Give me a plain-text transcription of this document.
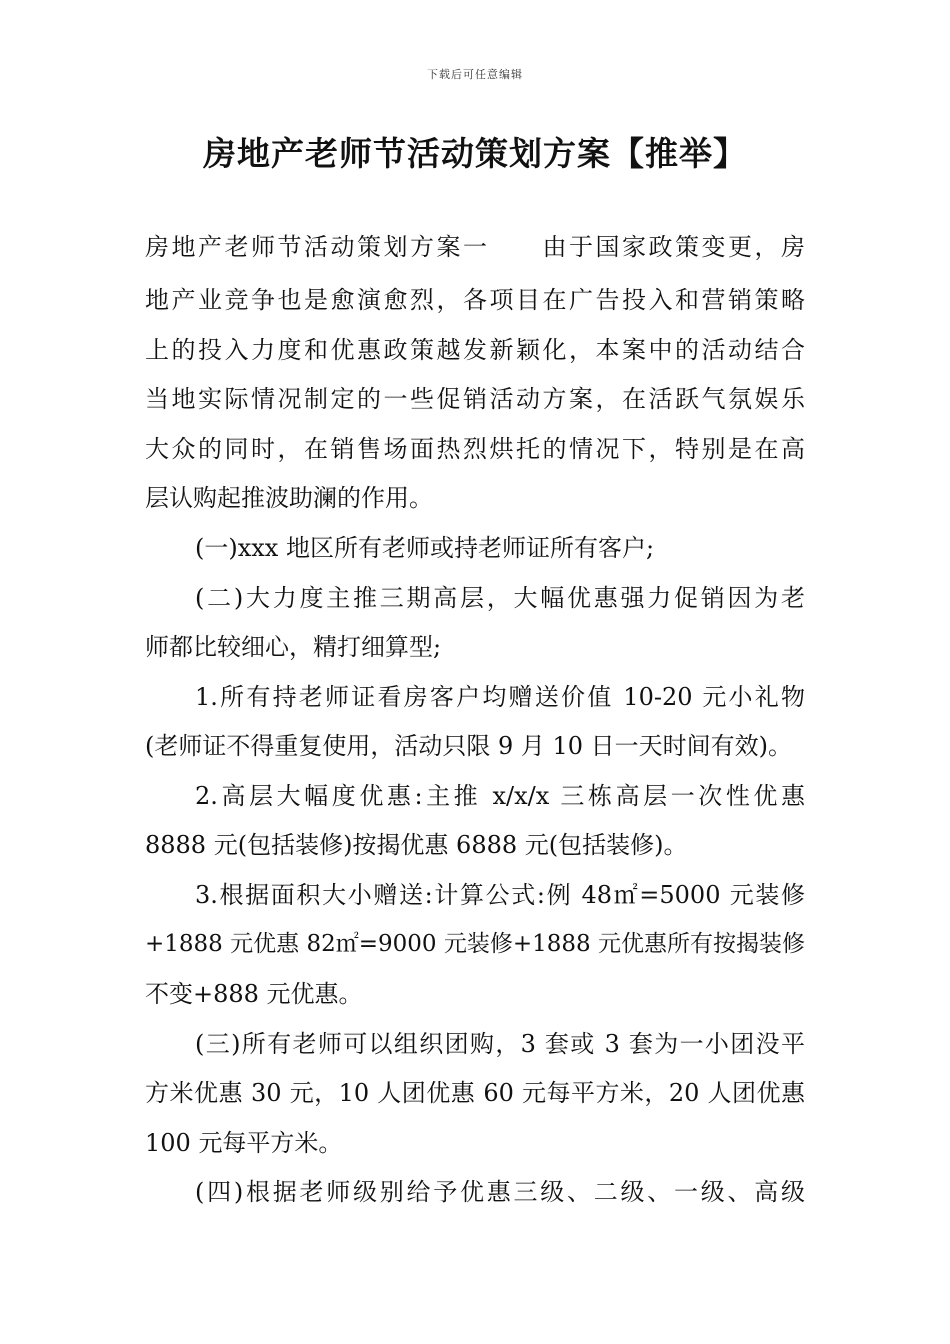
下载后可任意编辑
房地产老师节活动策划方案【推举】
房地产老师节活动策划方案一　　由于国家政策变更，房
地产业竞争也是愈演愈烈，各项目在广告投入和营销策略
上的投入力度和优惠政策越发新颖化，本案中的活动结合
当地实际情况制定的一些促销活动方案，在活跃气氛娱乐
大众的同时，在销售场面热烈烘托的情况下，特别是在高
层认购起推波助澜的作用。
(一)xxx 地区所有老师或持老师证所有客户;
(二)大力度主推三期高层，大幅优惠强力促销因为老
师都比较细心，精打细算型;
1.所有持老师证看房客户均赠送价值 10-20 元小礼物
(老师证不得重复使用，活动只限 9 月 10 日一天时间有效)。
2.高层大幅度优惠:主推 x/x/x 三栋高层一次性优惠
8888 元(包括装修)按揭优惠 6888 元(包括装修)。
3.根据面积大小赠送:计算公式:例 48㎡=5000 元装修
+1888 元优惠 82㎡=9000 元装修+1888 元优惠所有按揭装修
不变+888 元优惠。
(三)所有老师可以组织团购，3 套或 3 套为一小团没平
方米优惠 30 元，10 人团优惠 60 元每平方米，20 人团优惠
100 元每平方米。
(四)根据老师级别给予优惠三级、二级、一级、高级
